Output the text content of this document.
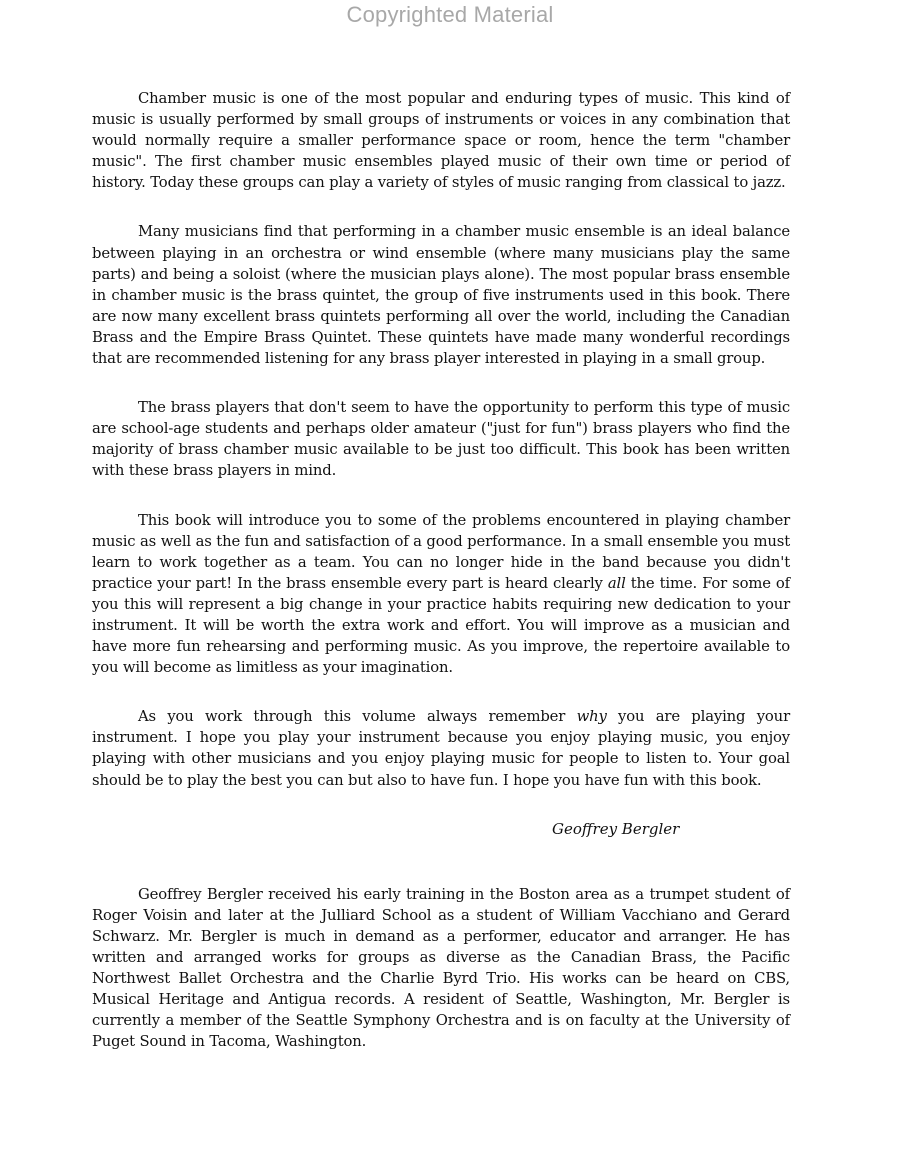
Copyrighted Material

Chamber music is one of the most popular and enduring types of music. This kind of music is usually performed by small groups of instruments or voices in any combination that would normally require a smaller performance space or room, hence the term "chamber music". The first chamber music ensembles played music of their own time or period of history. Today these groups can play a variety of styles of music ranging from classical to jazz.

Many musicians find that performing in a chamber music ensemble is an ideal balance between playing in an orchestra or wind ensemble (where many musicians play the same parts) and being a soloist (where the musician plays alone). The most popular brass ensemble in chamber music is the brass quintet, the group of five instruments used in this book. There are now many excellent brass quintets performing all over the world, including the Canadian Brass and the Empire Brass Quintet. These quintets have made many wonderful recordings that are recommended listening for any brass player interested in playing in a small group.

The brass players that don't seem to have the opportunity to perform this type of music are school-age students and perhaps older amateur ("just for fun") brass players who find the majority of brass chamber music available to be just too difficult. This book has been written with these brass players in mind.

This book will introduce you to some of the problems encountered in playing chamber music as well as the fun and satisfaction of a good performance. In a small ensemble you must learn to work together as a team. You can no longer hide in the band because you didn't practice your part! In the brass ensemble every part is heard clearly all the time. For some of you this will represent a big change in your practice habits requiring new dedication to your instrument. It will be worth the extra work and effort. You will improve as a musician and have more fun rehearsing and performing music. As you improve, the repertoire available to you will become as limitless as your imagination.

As you work through this volume always remember why you are playing your instrument. I hope you play your instrument because you enjoy playing music, you enjoy playing with other musicians and you enjoy playing music for people to listen to. Your goal should be to play the best you can but also to have fun. I hope you have fun with this book.

Geoffrey Bergler

Geoffrey Bergler received his early training in the Boston area as a trumpet student of Roger Voisin and later at the Julliard School as a student of William Vacchiano and Gerard Schwarz. Mr. Bergler is much in demand as a performer, educator and arranger. He has written and arranged works for groups as diverse as the Canadian Brass, the Pacific Northwest Ballet Orchestra and the Charlie Byrd Trio. His works can be heard on CBS, Musical Heritage and Antigua records. A resident of Seattle, Washington, Mr. Bergler is currently a member of the Seattle Symphony Orchestra and is on faculty at the University of Puget Sound in Tacoma, Washington.
